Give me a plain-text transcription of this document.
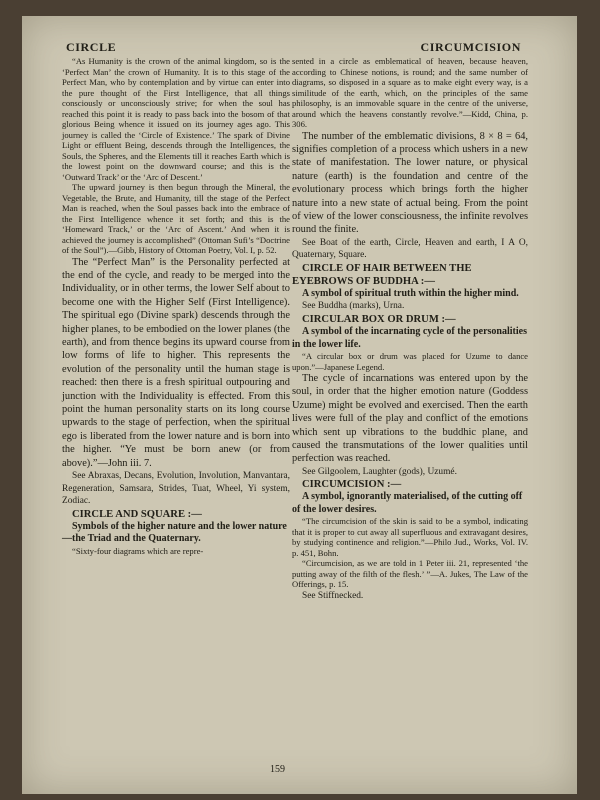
CIRCLE	CIRCUMCISION

“As Humanity is the crown of the animal kingdom, so is the ‘Perfect Man’ the crown of Humanity. It is to this stage of the Perfect Man, who by contemplation and by virtue can enter into the pure thought of the First Intelligence, that all things consciously or unconsciously strive; for when the soul has reached this point it is ready to pass back into the bosom of that glorious Being whence it issued on its journey ages ago. This journey is called the ‘Circle of Existence.’ The spark of Divine Light or effluent Being, descends through the Intelligences, the Souls, the Spheres, and the Elements till it reaches Earth which is the lowest point on the downward course; and this is the ‘Outward Track’ or the ‘Arc of Descent.’

The upward journey is then begun through the Mineral, the Vegetable, the Brute, and Humanity, till the stage of the Perfect Man is reached, when the Soul passes back into the embrace of the First Intelligence whence it set forth; and this is the ‘Homeward Track,’ or the ‘Arc of Ascent.’ And when it is achieved the journey is accomplished” (Ottoman Sufi’s “Doctrine of the Soul”).—Gibb, History of Ottoman Poetry, Vol. I, p. 52.

The “Perfect Man” is the Personality perfected at the end of the cycle, and ready to be merged into the Individuality, or in other terms, the lower Self about to become one with the Higher Self (First Intelligence). The spiritual ego (Divine spark) descends through the higher planes, to be embodied on the lower planes (the earth), and from thence begins its upward course from low forms of life to higher. This represents the evolution of the personality until the human stage is reached: then there is a fresh spiritual outpouring and junction with the Individuality is effected. From this point the human personality starts on its long course upwards to the stage of perfection, when the spiritual ego is liberated from the lower nature and is born into the higher. “Ye must be born anew (or from above).”—John iii. 7.

See Abraxas, Decans, Evolution, Involution, Manvantara, Regeneration, Samsara, Strides, Tuat, Wheel, Yi system, Zodiac.

CIRCLE AND SQUARE :—

Symbols of the higher nature and the lower nature—the Triad and the Quaternary.

“Sixty-four diagrams which are repre-

sented in a circle as emblematical of heaven, because heaven, according to Chinese notions, is round; and the same number of diagrams, so disposed in a square as to make eight every way, is a similitude of the earth, which, on the principles of the same philosophy, is an immovable square in the centre of the universe, around which the heavens constantly revolve.”—Kidd, China, p. 306.

The number of the emblematic divisions, 8 × 8 = 64, signifies completion of a process which ushers in a new state of manifestation. The lower nature, or physical nature (earth) is the foundation and centre of the evolutionary process which brings forth the higher nature into a new state of actual being. From the point of view of the lower consciousness, the infinite revolves round the finite.

See Boat of the earth, Circle, Heaven and earth, I A O, Quaternary, Square.

CIRCLE OF HAIR BETWEEN THE EYEBROWS OF BUDDHA :—

A symbol of spiritual truth within the higher mind.

See Buddha (marks), Urna.

CIRCULAR BOX OR DRUM :—

A symbol of the incarnating cycle of the personalities in the lower life.

“A circular box or drum was placed for Uzume to dance upon.”—Japanese Legend.

The cycle of incarnations was entered upon by the soul, in order that the higher emotion nature (Goddess Uzume) might be evolved and exercised. Then the earth lives were full of the play and conflict of the emotions which sent up vibrations to the buddhic plane, and caused the transmutations of the lower qualities until perfection was reached.

See Gilgoolem, Laughter (gods), Uzumé.

CIRCUMCISION :—

A symbol, ignorantly materialised, of the cutting off of the lower desires.

“The circumcision of the skin is said to be a symbol, indicating that it is proper to cut away all superfluous and extravagant desires, by studying continence and religion.”—Philo Jud., Works, Vol. IV. p. 451, Bohn.

“Circumcision, as we are told in 1 Peter iii. 21, represented ‘the putting away of the filth of the flesh.’ ”—A. Jukes, The Law of the Offerings, p. 15.

See Stiffnecked.

159
